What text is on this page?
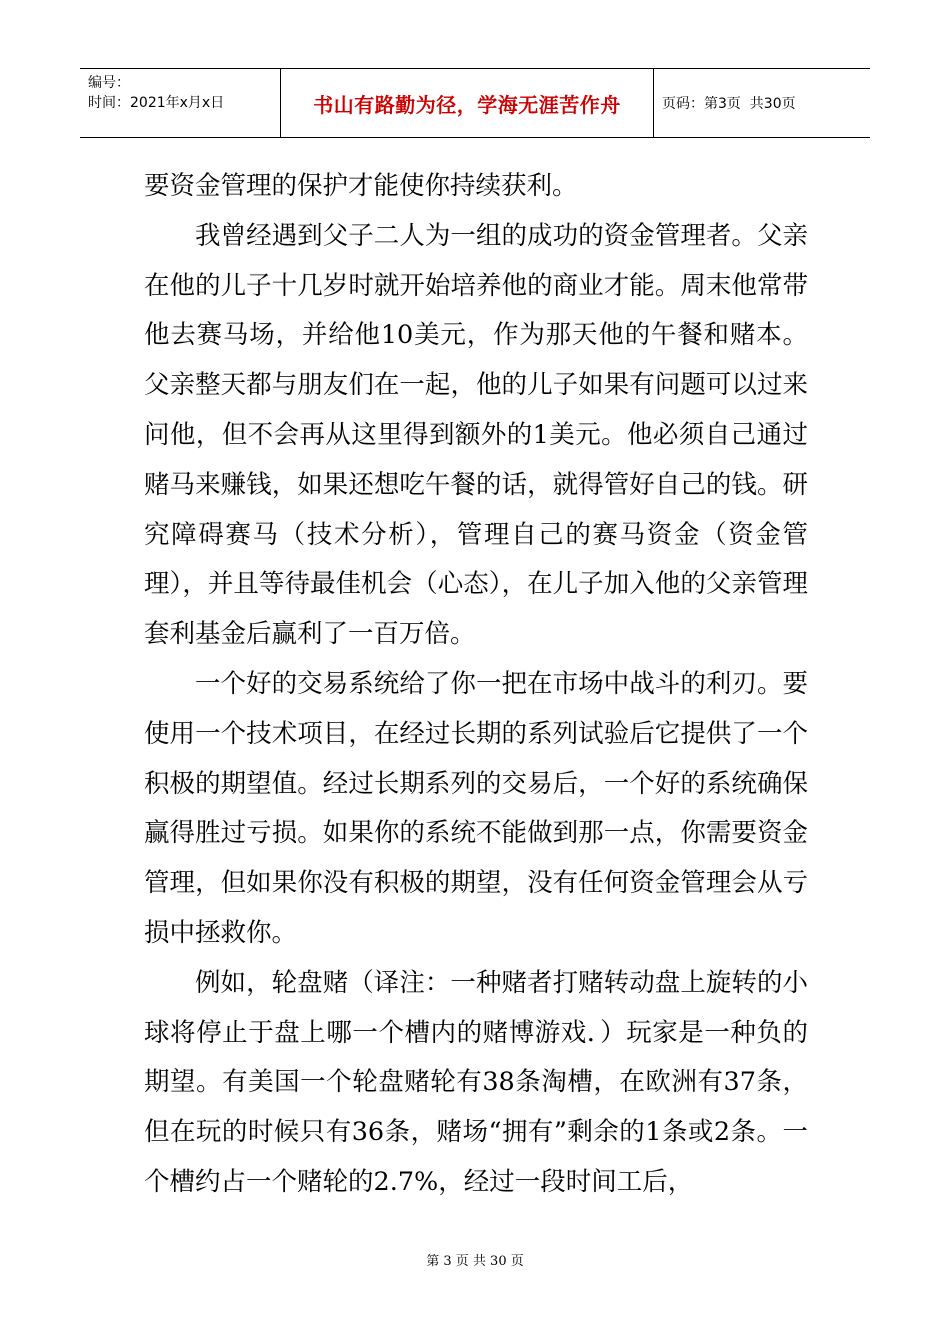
编号：
时间：2021年x月x日	书山有路勤为径，学海无涯苦作舟	页码：第3页  共30页

要资金管理的保护才能使你持续获利。

我曾经遇到父子二人为一组的成功的资金管理者。父亲在他的儿子十几岁时就开始培养他的商业才能。周末他常带他去赛马场，并给他10美元，作为那天他的午餐和赌本。父亲整天都与朋友们在一起，他的儿子如果有问题可以过来问他，但不会再从这里得到额外的1美元。他必须自己通过赌马来赚钱，如果还想吃午餐的话，就得管好自己的钱。研究障碍赛马（技术分析），管理自己的赛马资金（资金管理），并且等待最佳机会（心态），在儿子加入他的父亲管理套利基金后赢利了一百万倍。

一个好的交易系统给了你一把在市场中战斗的利刃。要使用一个技术项目，在经过长期的系列试验后它提供了一个积极的期望值。经过长期系列的交易后，一个好的系统确保赢得胜过亏损。如果你的系统不能做到那一点，你需要资金管理，但如果你没有积极的期望，没有任何资金管理会从亏损中拯救你。

例如，轮盘赌（译注：一种赌者打赌转动盘上旋转的小球将停止于盘上哪一个槽内的赌博游戏．）玩家是一种负的期望。有美国一个轮盘赌轮有38条淘槽，在欧洲有37条，但在玩的时候只有36条，赌场“拥有”剩余的1条或2条。一个槽约占一个赌轮的2.7%，经过一段时间工后，

第 3 页 共 30 页
